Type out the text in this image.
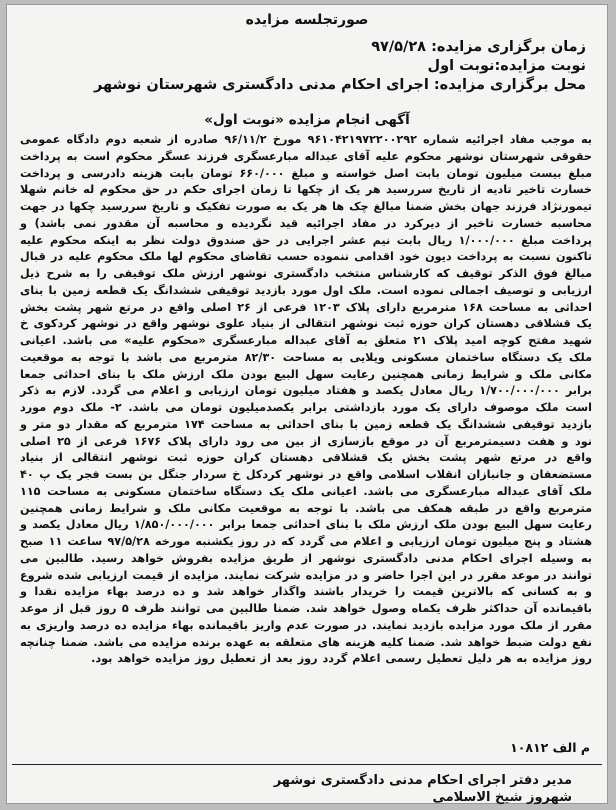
صورتجلسه مزایده
زمان برگزاری مزایده: ۹۷/۵/۲۸
نوبت مزایده:نوبت اول
محل برگزاری مزایده: اجرای احکام مدنی دادگستری شهرستان نوشهر
آگهی انجام مزایده «نوبت اول»
به موجب مفاد اجرائیه شماره ۹۶۱۰۴۲۱۹۷۲۲۰۰۲۹۲ مورخ ۹۶/۱۱/۲ صادره از شعبه دوم دادگاه عمومی حقوقی شهرستان نوشهر محکوم علیه آقای عبداله مبارعسگری فرزند عسگر محکوم است به پرداخت مبلغ بیست میلیون تومان بابت اصل خواسته و مبلغ ۶۶۰/۰۰۰ تومان بابت هزینه دادرسی و پرداخت خسارت تاخیر تادیه از تاریخ سررسید هر یک از چکها تا زمان اجرای حکم در حق محکوم له خانم شهلا تیمورنژاد فرزند جهان بخش ضمنا مبالغ چک ها هر یک به صورت تفکیک و تاریخ سررسید چکها در جهت محاسبه خسارت تاخیر از دیرکرد در مفاد اجرائیه قید نگردیده و محاسبه آن مقدور نمی باشد) و پرداخت مبلغ ۱/۰۰۰/۰۰۰ ریال بابت نیم عشر اجرایی در حق صندوق دولت نظر به اینکه محکوم علیه تاکنون نسبت به پرداخت دیون خود اقدامی ننموده حسب تقاضای محکوم لها ملک محکوم علیه در قبال مبالغ فوق الذکر توقیف که کارشناس منتخب دادگستری نوشهر ارزش ملک توقیفی را به شرح ذیل ارزیابی و توصیف اجمالی نموده است. ملک اول مورد بازدید توقیفی ششدانگ یک قطعه زمین با بنای احداثی به مساحت ۱۶۸ مترمربع دارای پلاک ۱۲۰۳ فرعی از ۲۶ اصلی واقع در مرتع شهر پشت بخش یک قشلاقی دهستان کران حوزه ثبت نوشهر انتقالی از بنیاد علوی نوشهر واقع در نوشهر کردکوی خ شهید مفتح کوچه امید پلاک ۲۱ متعلق به آقای عبداله مبارعسگری «محکوم علیه» می باشد. اعیانی ملک یک دستگاه ساختمان مسکونی ویلایی به مساحت ۸۲/۳۰ مترمربع می باشد با توجه به موقعیت مکانی ملک و شرایط زمانی همچنین رعایت سهل البیع بودن ملک ارزش ملک با بنای احداثی جمعا برابر ۱/۷۰۰/۰۰۰/۰۰۰ ریال معادل یکصد و هفتاد میلیون تومان ارزیابی و اعلام می گردد. لازم به ذکر است ملک موصوف دارای یک مورد بازداشتی برابر یکصدمیلیون تومان می باشد. ۲- ملک دوم مورد بازدید توقیفی ششدانگ یک قطعه زمین با بنای احداثی به مساحت ۱۷۴ مترمربع که مقدار دو متر و نود و هفت دسیمترمربع آن در موقع بازسازی از بین می رود دارای پلاک ۱۶۷۶ فرعی از ۲۵ اصلی واقع در مرتع شهر پشت بخش یک قشلاقی دهستان کران حوزه ثبت نوشهر انتقالی از بنیاد مستضعفان و جانبازان انقلاب اسلامی واقع در نوشهر کردکل خ سردار جنگل بن بست فجر یک پ ۴۰ ملک آقای عبداله مبارعسگری می باشد. اعیانی ملک یک دستگاه ساختمان مسکونی به مساحت ۱۱۵ مترمربع واقع در طبقه همکف می باشد. با توجه به موقعیت مکانی ملک و شرایط زمانی همچنین رعایت سهل البیع بودن ملک ارزش ملک با بنای احداثی جمعا برابر ۱/۸۵۰/۰۰۰/۰۰۰ ریال معادل یکصد و هشتاد و پنج میلیون تومان ارزیابی و اعلام می گردد که در روز یکشنبه مورخه ۹۷/۵/۲۸ ساعت ۱۱ صبح به وسیله اجرای احکام مدنی دادگستری نوشهر از طریق مزایده بفروش خواهد رسید. طالبین می توانند در موعد مقرر در این اجرا حاضر و در مزایده شرکت نمایند. مزایده از قیمت ارزیابی شده شروع و به کسانی که بالاترین قیمت را خریدار باشند واگذار خواهد شد و ده درصد بهاء مزایده نقدا و باقیمانده آن حداکثر ظرف یکماه وصول خواهد شد. ضمنا طالبین می توانند ظرف ۵ روز قبل از موعد مقرر از ملک مورد مزایده بازدید نمایند. در صورت عدم واریز باقیمانده بهاء مزایده ده درصد واریزی به نفع دولت ضبط خواهد شد. ضمنا کلیه هزینه های متعلقه به عهده برنده مزایده می باشد. ضمنا چنانچه روز مزایده به هر دلیل تعطیل رسمی اعلام گردد روز بعد از تعطیل روز مزایده خواهد بود.
م الف ۱۰۸۱۲
مدیر دفتر اجرای احکام مدنی دادگستری نوشهر
شهروز شیخ الاسلامی
